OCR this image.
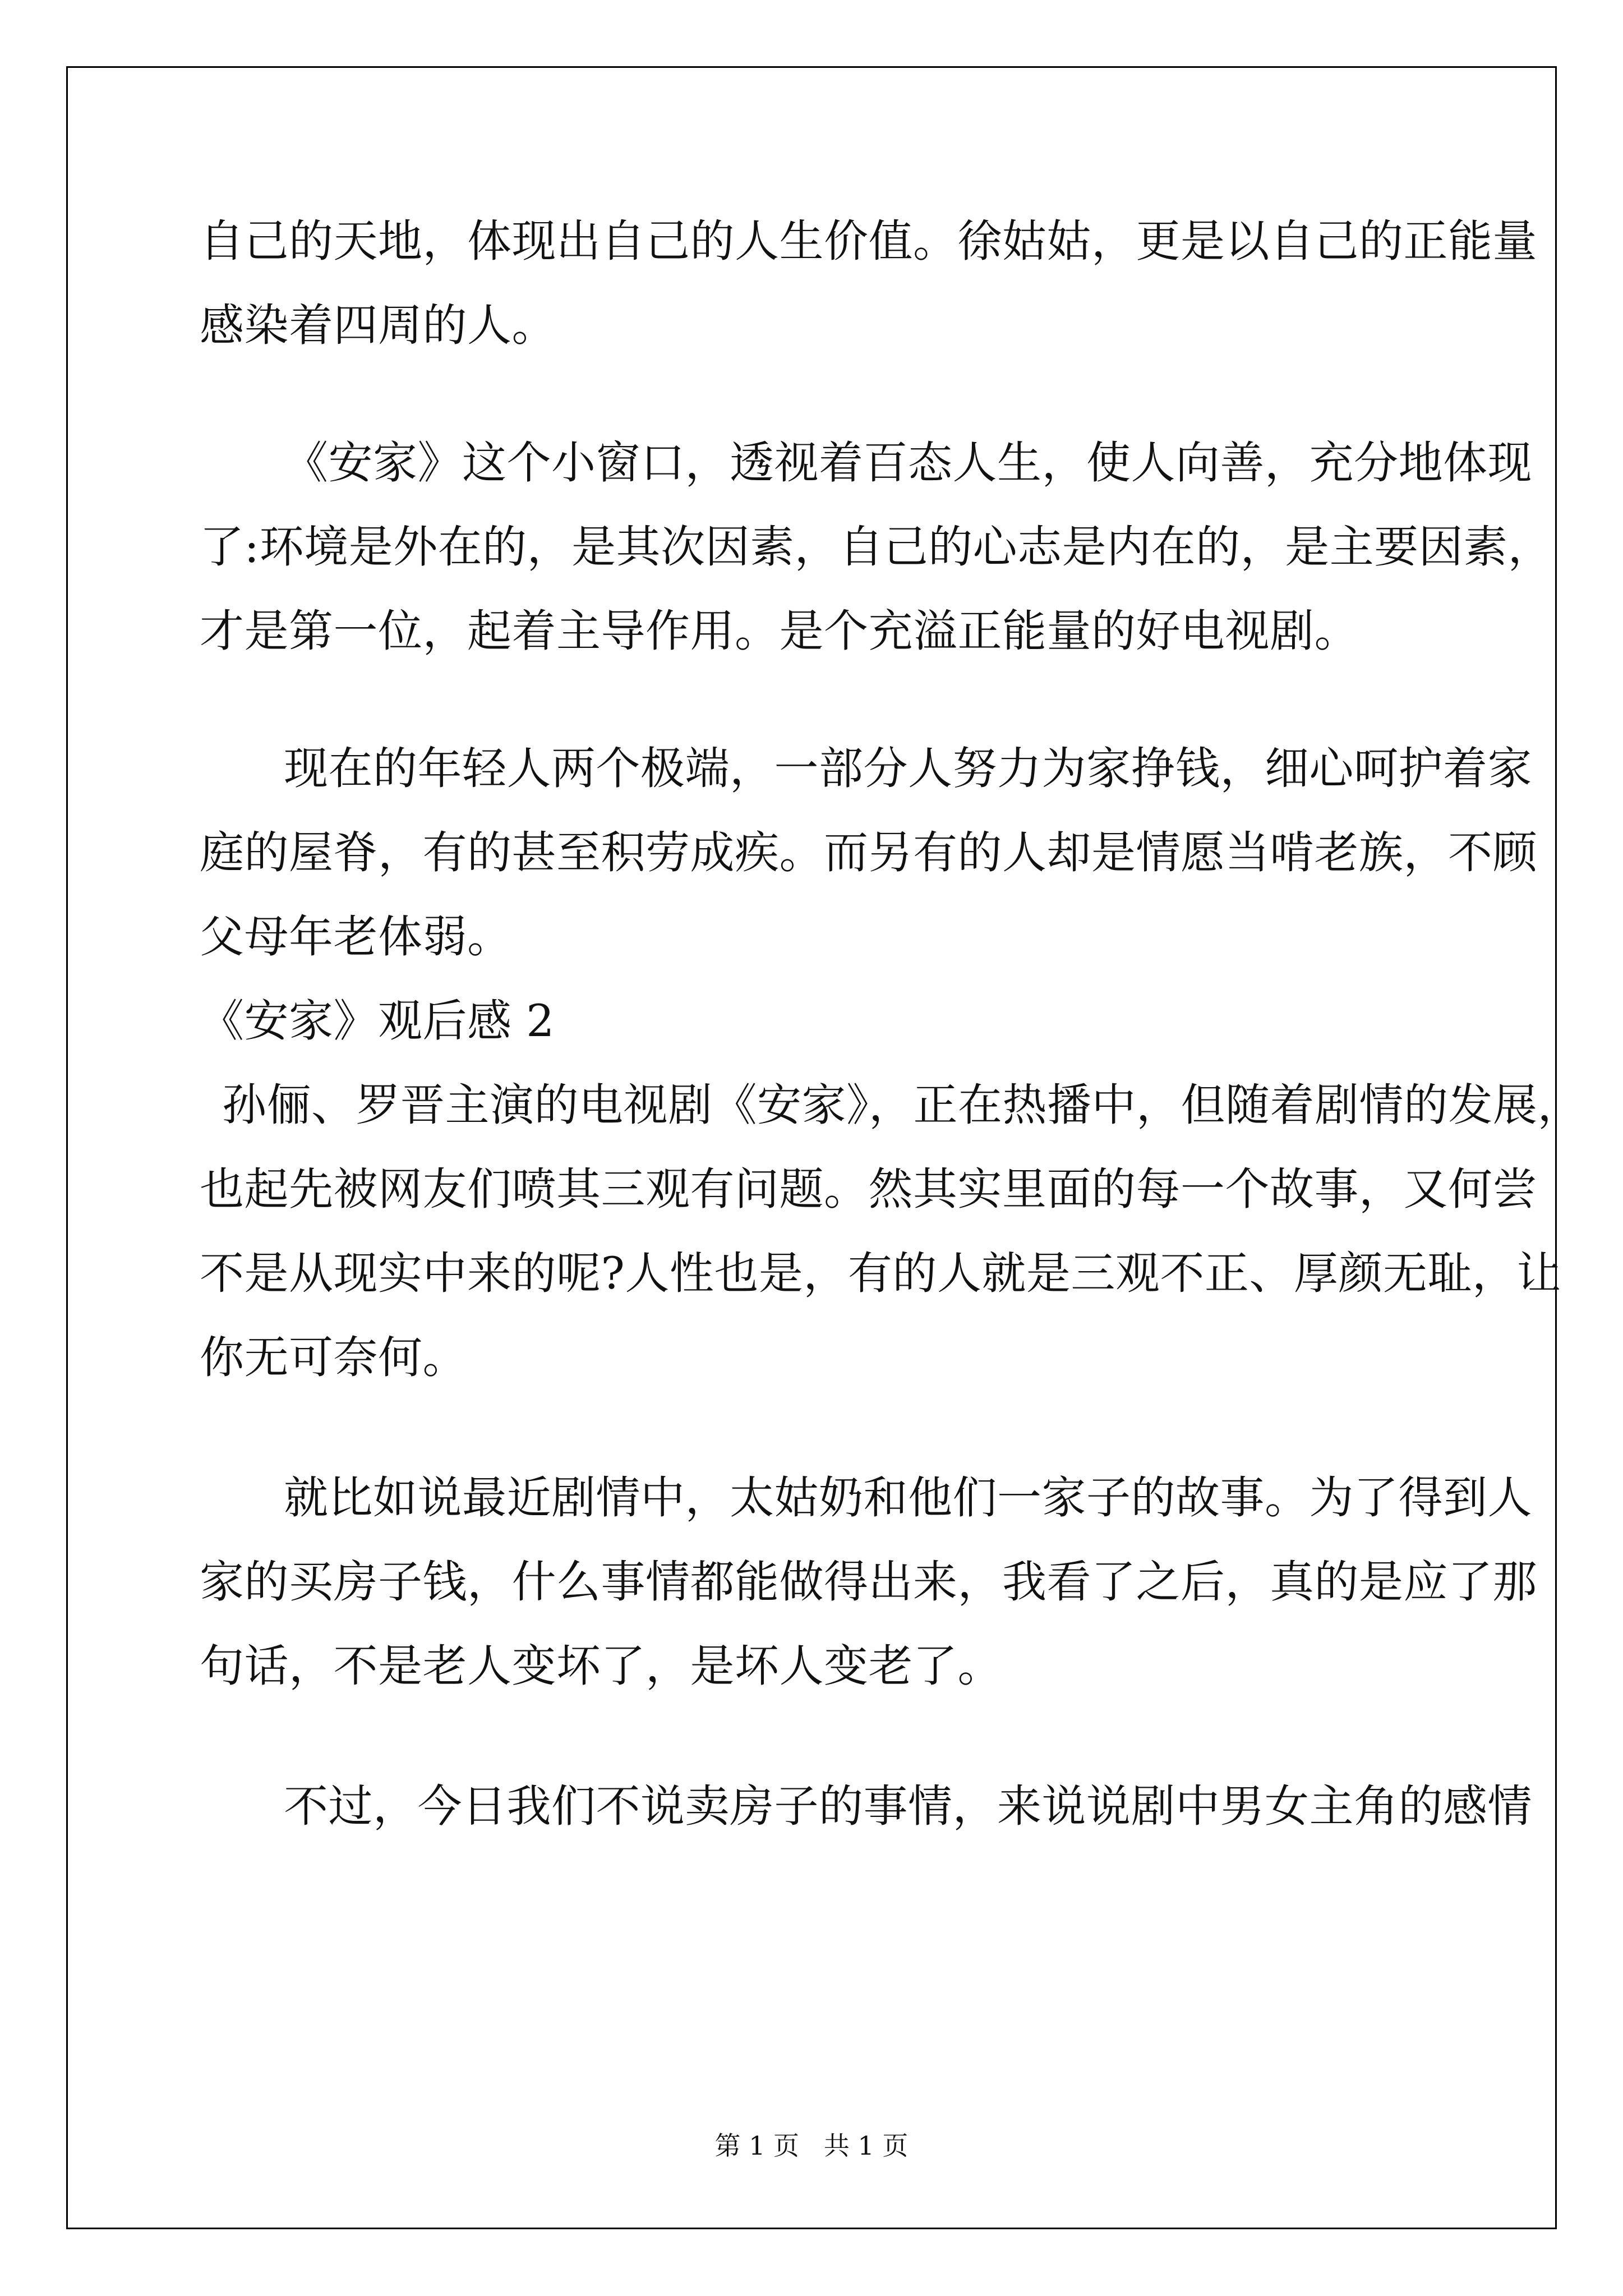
自己的天地，体现出自己的人生价值。徐姑姑，更是以自己的正能量
感染着四周的人。
《安家》这个小窗口，透视着百态人生，使人向善，充分地体现
了:环境是外在的，是其次因素，自己的心志是内在的，是主要因素，
才是第一位，起着主导作用。是个充溢正能量的好电视剧。
现在的年轻人两个极端，一部分人努力为家挣钱，细心呵护着家
庭的屋脊，有的甚至积劳成疾。而另有的人却是情愿当啃老族，不顾
父母年老体弱。
《安家》观后感 2
孙俪、罗晋主演的电视剧《安家》，正在热播中，但随着剧情的发展，
也起先被网友们喷其三观有问题。然其实里面的每一个故事，又何尝
不是从现实中来的呢?人性也是，有的人就是三观不正、厚颜无耻，让
你无可奈何。
就比如说最近剧情中，太姑奶和他们一家子的故事。为了得到人
家的买房子钱，什么事情都能做得出来，我看了之后，真的是应了那
句话，不是老人变坏了，是坏人变老了。
不过，今日我们不说卖房子的事情，来说说剧中男女主角的感情
第 1 页   共 1 页
